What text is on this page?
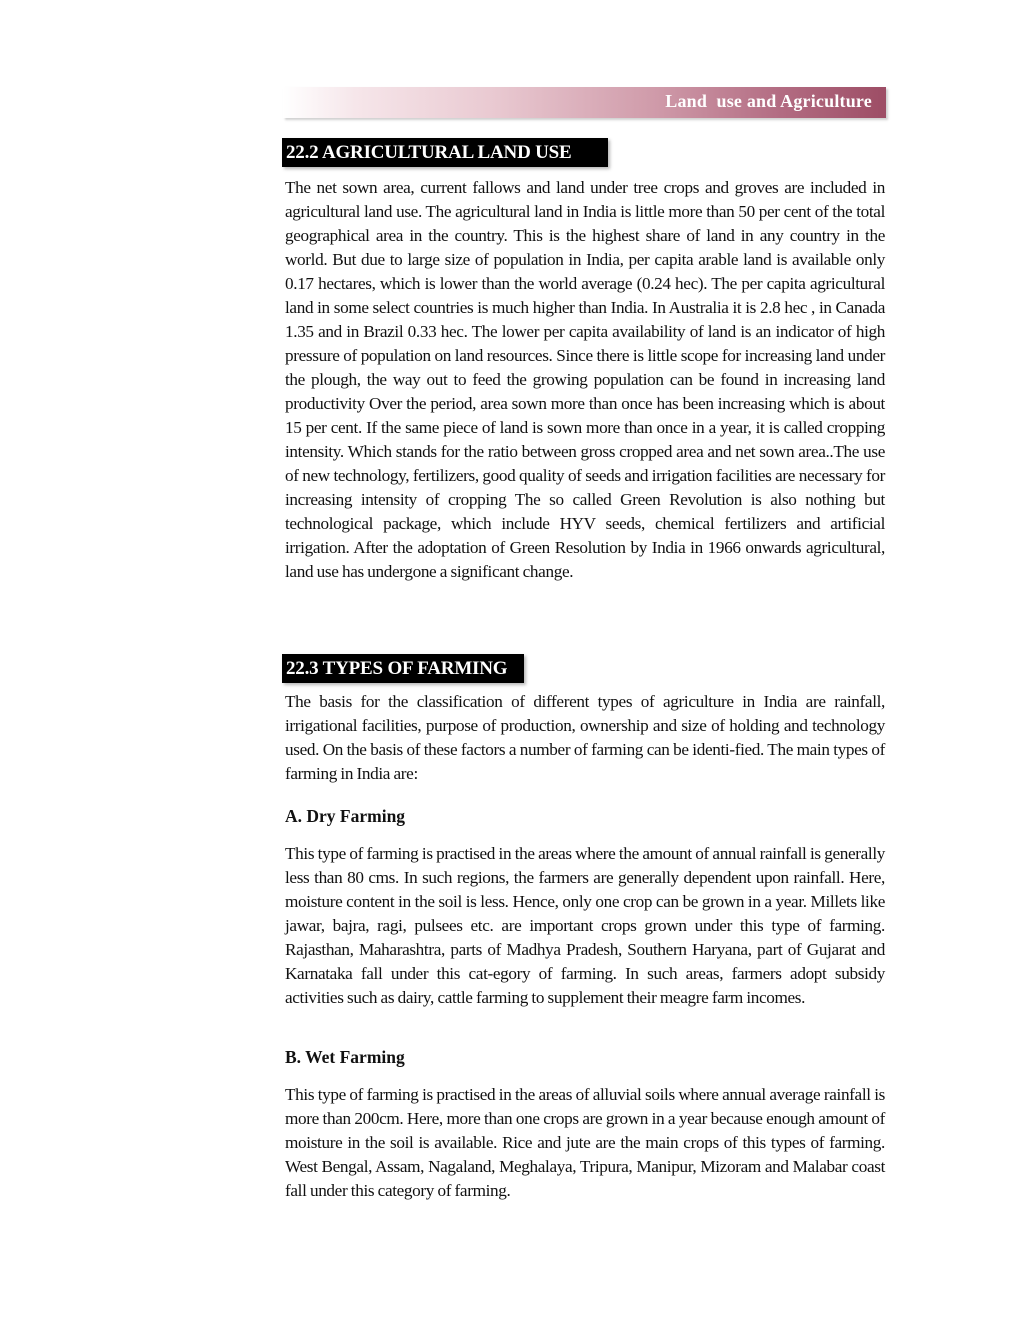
Land  use and Agriculture
22.2 AGRICULTURAL LAND USE

The net sown area, current fallows and land under tree crops and groves are included in agricultural land use. The agricultural land in India is little more than 50 per cent of the total geographical area in the country. This is the highest share of land in any country in the world. But due to large size of population in India, per capita arable land is available only 0.17 hectares, which is lower than the world average (0.24 hec). The per capita agricultural land in some select countries is much higher than India. In Australia it is 2.8 hec , in Canada 1.35 and in Brazil 0.33 hec. The lower per capita availability of land is an indicator of high pressure of population on land resources. Since there is little scope for increasing land under the plough, the way out to feed the growing population can be found in increasing land productivity Over the period, area sown more than once has been increasing which is about 15 per cent. If the same piece of land is sown more than once in a year, it is called cropping intensity. Which stands for the ratio between gross cropped area and net sown area..The use of new technology, fertilizers, good quality of seeds and irrigation facilities are necessary for increasing intensity of cropping The so called Green Revolution is also nothing but technological package, which include HYV seeds, chemical fertilizers and artificial irrigation. After the adoptation of Green Resolution by India in 1966 onwards agricultural, land use has undergone a significant change.

22.3 TYPES OF FARMING

The basis for the classification of different types of agriculture in India are rainfall, irrigational facilities, purpose of production, ownership and size of holding and technology used. On the basis of these factors a number of farming can be identi-fied. The main types of farming in India are:

A. Dry Farming

This type of farming is practised in the areas where the amount of annual rainfall is generally less than 80 cms. In such regions, the farmers are generally dependent upon rainfall. Here, moisture content in the soil is less. Hence, only one crop can be grown in a year. Millets like jawar, bajra, ragi, pulsees etc. are important crops grown under this type of farming. Rajasthan, Maharashtra, parts of Madhya Pradesh, Southern Haryana, part of Gujarat and Karnataka fall under this cat-egory of farming. In such areas, farmers adopt subsidy activities such as dairy, cattle farming to supplement their meagre farm incomes.

B. Wet Farming

This type of farming is practised in the areas of alluvial soils where annual average rainfall is more than 200cm. Here, more than one crops are grown in a year because enough amount of moisture in the soil is available. Rice and jute are the main crops of this types of farming. West Bengal, Assam, Nagaland, Meghalaya, Tripura, Manipur, Mizoram and Malabar coast fall under this category of farming.
